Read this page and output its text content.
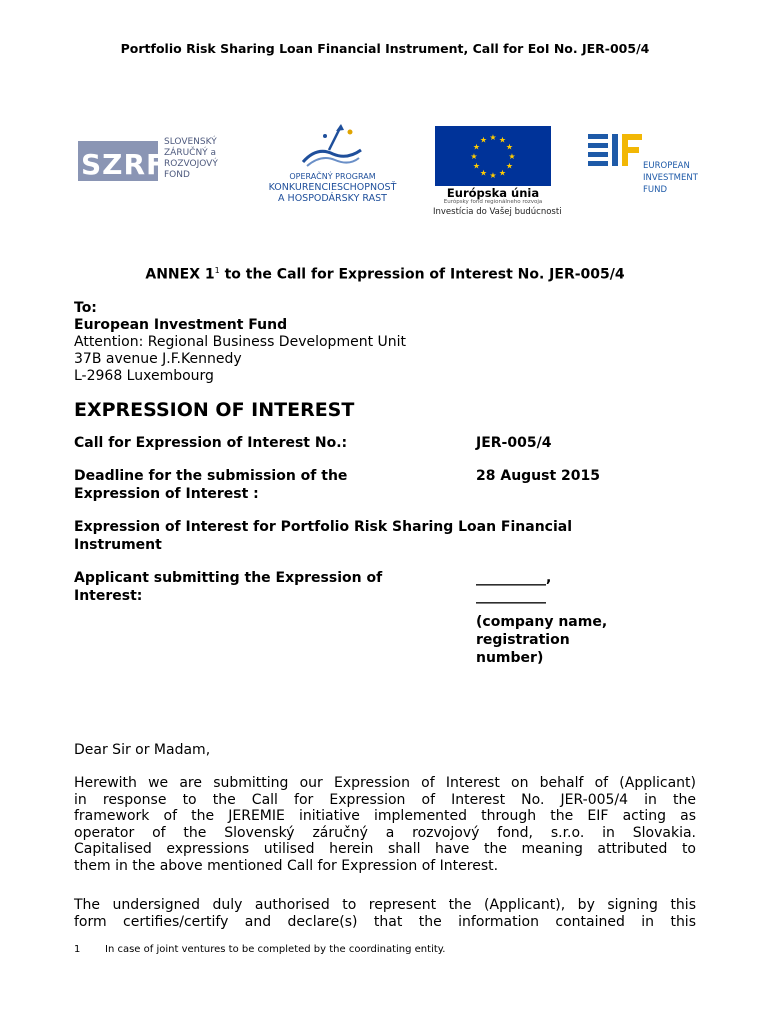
Portfolio Risk Sharing Loan Financial Instrument, Call for EoI No. JER-005/4
SZRF
SLOVENSKÝ
ZÁRUČNÝ a
ROZVOJOVÝ
FOND	OPERAČNÝ PROGRAM
KONKURENCIESCHOPNOSŤ
A HOSPODÁRSKY RAST
★ ★
★
★
★
★
★
★
★
★
★
★
Európska únia
Európsky fond regionálneho rozvoja
Investícia do Vašej budúcnosti
EUROPEAN
INVESTMENT
FUND
ANNEX $1^1$ to the Call for Expression of Interest No. JER-005/4
To:
European Investment Fund
Attention: Regional Business Development Unit
37B avenue J.F.Kennedy
L-2968 Luxembourg
EXPRESSION OF INTEREST
Call for Expression of Interest No.:	JER-005/4
Deadline for the submission of the
Expression of Interest :
28 August 2015
Expression of Interest for Portfolio Risk Sharing Loan Financial
Instrument
Applicant submitting the Expression of
Interest:
__________,
__________
(company name,
registration
number)
Dear Sir or Madam,
Herewith we are submitting our Expression of Interest on behalf of (Applicant)
in response to the Call for Expression of Interest No. JER-005/4 in the
framework of the JEREMIE initiative implemented through the EIF acting as
operator of the Slovenský záručný a rozvojový fond, s.r.o. in Slovakia.
Capitalised expressions utilised herein shall have the meaning attributed to
them in the above mentioned Call for Expression of Interest.
The undersigned duly authorised to represent the (Applicant), by signing this
form certifies/certify and declare(s) that the information contained in this
1 In case of joint ventures to be completed by the coordinating entity.
